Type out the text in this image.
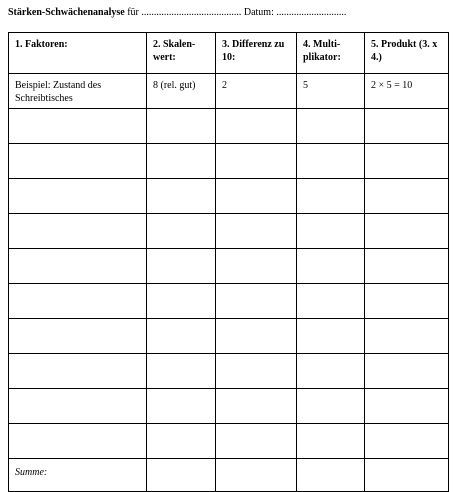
Stärken-Schwächenanalyse für ........................................ Datum: ............................
1. Faktoren:	2. Skalen-wert:	3. Differenz zu 10:	4. Multi-plikator:	5. Produkt (3. x 4.)
Beispiel: Zustand des Schreibtisches	8 (rel. gut)	2	5	2 × 5 = 10

Summe:				
